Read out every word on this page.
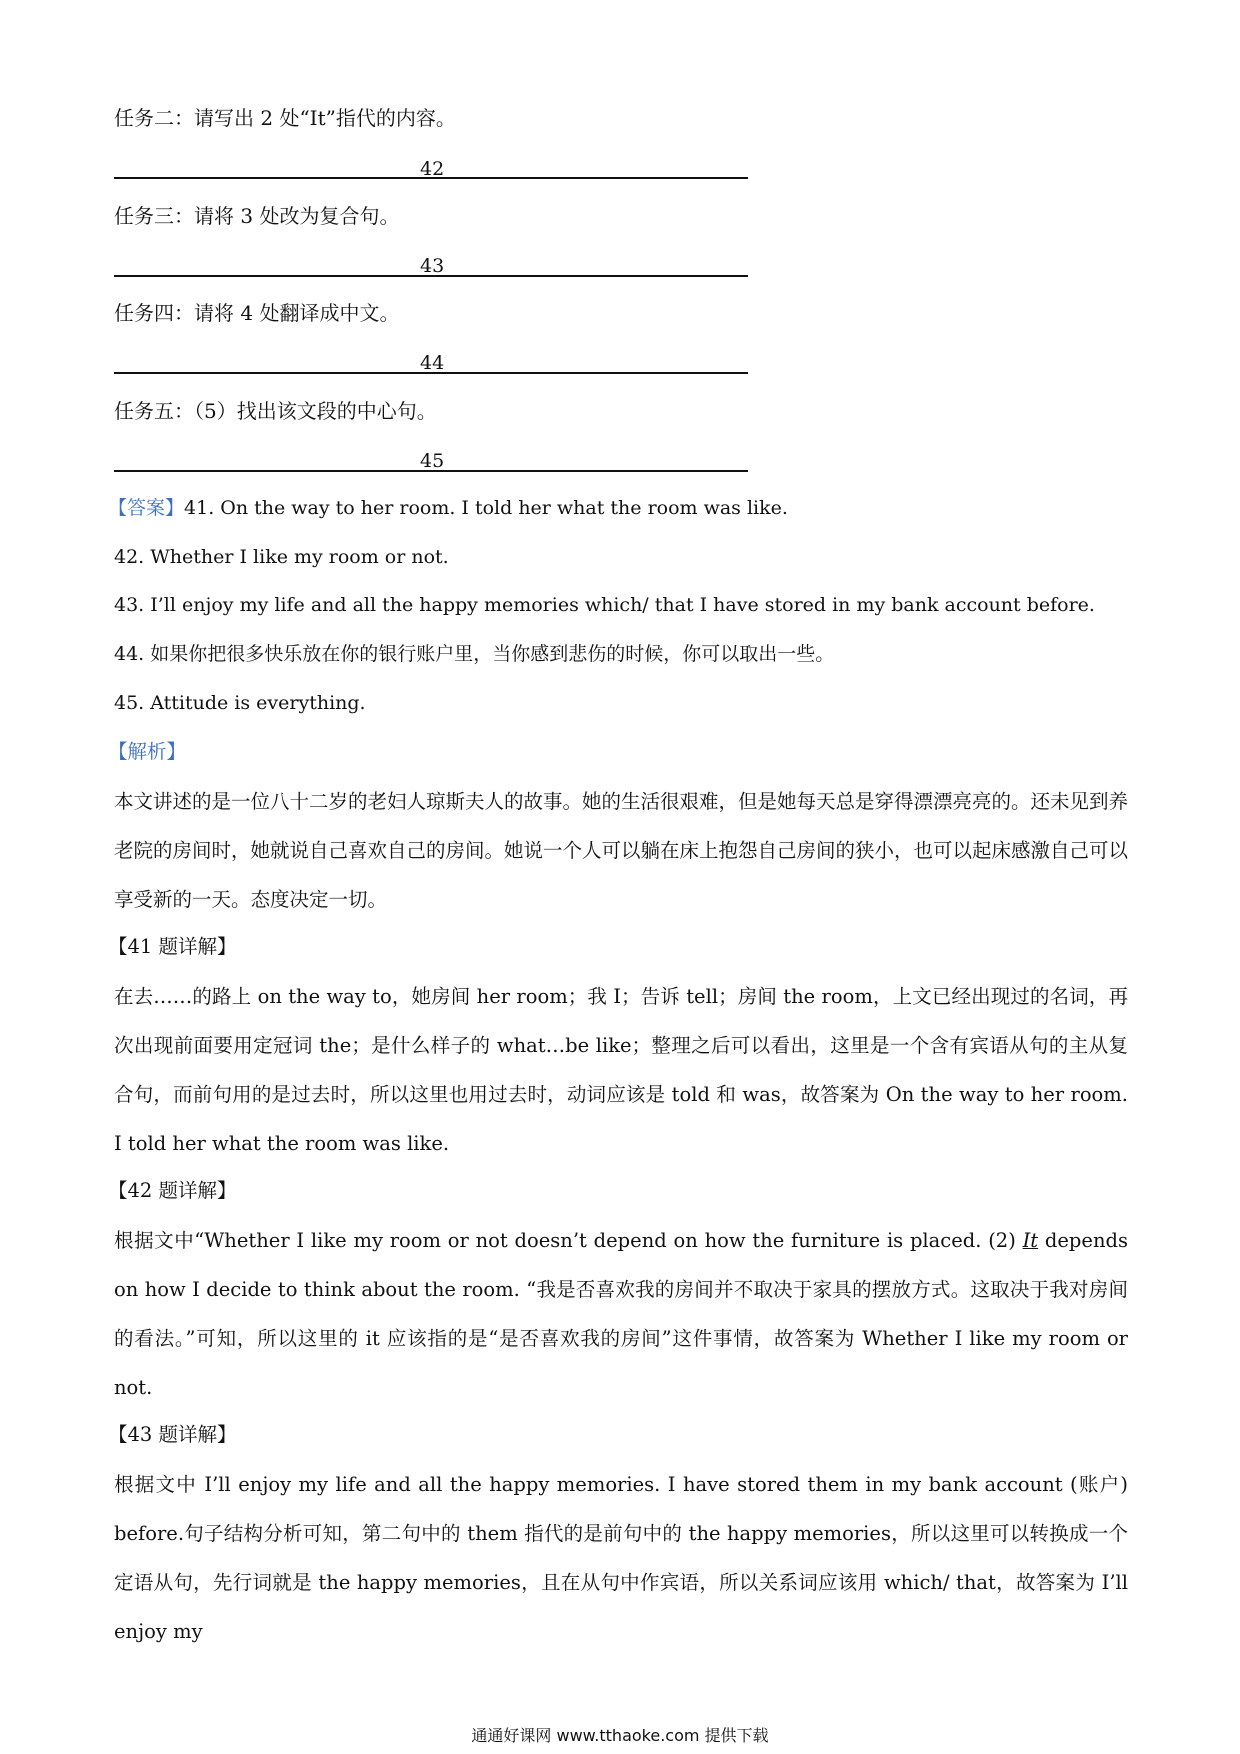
任务二：请写出 2 处“It”指代的内容。
42
任务三：请将 3 处改为复合句。
43
任务四：请将 4 处翻译成中文。
44
任务五：（5）找出该文段的中心句。
45
【答案】41. On the way to her room. I told her what the room was like.
42. Whether I like my room or not.
43. I’ll enjoy my life and all the happy memories which/ that I have stored in my bank account before.
44. 如果你把很多快乐放在你的银行账户里，当你感到悲伤的时候，你可以取出一些。
45. Attitude is everything.
【解析】
本文讲述的是一位八十二岁的老妇人琼斯夫人的故事。她的生活很艰难，但是她每天总是穿得漂漂亮亮的。还未见到养老院的房间时，她就说自己喜欢自己的房间。她说一个人可以躺在床上抱怨自己房间的狭小，也可以起床感激自己可以享受新的一天。态度决定一切。
【41 题详解】
在去……的路上 on the way to，她房间 her room；我 I；告诉 tell；房间 the room，上文已经出现过的名词，再次出现前面要用定冠词 the；是什么样子的 what…be like；整理之后可以看出，这里是一个含有宾语从句的主从复合句，而前句用的是过去时，所以这里也用过去时，动词应该是 told 和 was，故答案为 On the way to her room. I told her what the room was like.
【42 题详解】
根据文中“Whether I like my room or not doesn’t depend on how the furniture is placed. (2) It depends on how I decide to think about the room. “我是否喜欢我的房间并不取决于家具的摆放方式。这取决于我对房间的看法。”可知，所以这里的 it 应该指的是“是否喜欢我的房间”这件事情，故答案为 Whether I like my room or not.
【43 题详解】
根据文中 I’ll enjoy my life and all the happy memories. I have stored them in my bank account (账户) before.句子结构分析可知，第二句中的 them 指代的是前句中的 the happy memories，所以这里可以转换成一个定语从句，先行词就是 the happy memories，且在从句中作宾语，所以关系词应该用 which/ that，故答案为 I’ll enjoy my
通通好课网 www.tthaoke.com 提供下载
